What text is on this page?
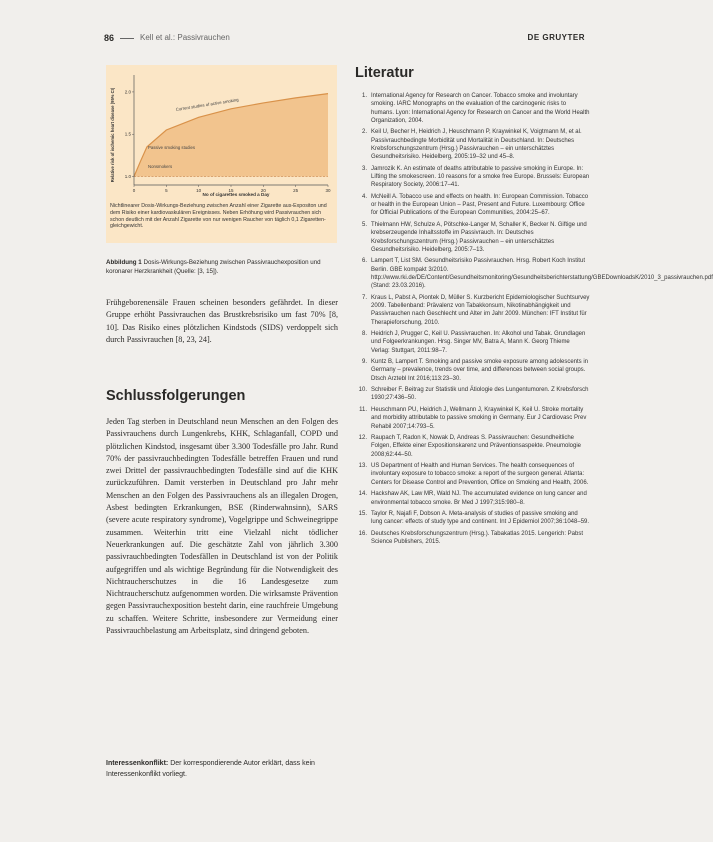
86	Kell et al.: Passivrauchen	DE GRUYTER
0	5	10	15	20	25	30
1.0
1.5
2.0
Relative risk of ischemic heart disease (95% CI)
No of cigarettes smoked a Day
Current studies of active smoking
Passive smoking studies
Nonsmokers
Nichtlinearer Dosis-Wirkungs-Beziehung zwischen Anzahl einer Zigarette aus-Expositon und dem Risiko einer kardiovaskulären Ereignisses. Neben Erhöhung wird Passivrauchen sich schon deutlich mit der Anzahl Zigarette von nur wenigen Raucher von täglich 0,1 Zigaretten-gleichgewicht.
Abbildung 1 Dosis-Wirkungs-Beziehung zwischen Passivrauchexposition und koronarer Herzkrankheit (Quelle: [3, 15]).
Frühgeborenensäle Frauen scheinen besonders gefährdet. In dieser Gruppe erhöht Passivrauchen das Brustkrebsrisiko um fast 70% [8, 10]. Das Risiko eines plötzlichen Kindstods (SIDS) verdoppelt sich durch Passivrauchen [8, 23, 24].
Schlussfolgerungen
Jeden Tag sterben in Deutschland neun Menschen an den Folgen des Passivrauchens durch Lungenkrebs, KHK, Schlaganfall, COPD und plötzlichen Kindstod, insgesamt über 3.300 Todesfälle pro Jahr. Rund 70% der passivrauchbedingten Todesfälle betreffen Frauen und rund zwei Drittel der passivrauchbedingten Todesfälle sind auf die KHK zurückzuführen. Damit versterben in Deutschland pro Jahr mehr Menschen an den Folgen des Passivrauchens als an illegalen Drogen, Asbest bedingten Erkrankungen, BSE (Rinderwahnsinn), SARS (severe acute respiratory syndrome), Vogelgrippe und Schweinegrippe zusammen. Weiterhin tritt eine Vielzahl nicht tödlicher Neuerkrankungen auf. Die geschätzte Zahl von jährlich 3.300 passivrauchbedingten Todesfällen in Deutschland ist von der Politik aufgegriffen und als wichtige Begründung für die Notwendigkeit des Nichtraucherschutzes in die 16 Landesgesetze zum Nichtraucherschutz aufgenommen worden. Die wirksamste Prävention gegen Passivrauchexposition besteht darin, eine rauchfreie Umgebung zu schaffen. Weitere Schritte, insbesondere zur Vermeidung einer Passivrauchbelastung am Arbeitsplatz, sind dringend geboten.
Interessenkonflikt: Der korrespondierende Autor erklärt, dass kein Interessenkonflikt vorliegt.
Literatur
1. International Agency for Research on Cancer. Tobacco smoke and involuntary smoking. IARC Monographs on the evaluation of the carcinogenic risks to humans. Lyon: International Agency for Research on Cancer and the World Health Organization, 2004.
2. Keil U, Becher H, Heidrich J, Heuschmann P, Kraywinkel K, Voigtmann M, et al. Passivrauchbedingte Morbidität und Mortalität in Deutschland. In: Deutsches Krebsforschungszentrum (Hrsg.) Passivrauchen – ein unterschätztes Gesundheitsrisiko. Heidelberg, 2005:19–32 und 45–8.
3. Jamrozik K. An estimate of deaths attributable to passive smoking in Europe. In: Lifting the smokescreen. 10 reasons for a smoke free Europe. Brussels: European Respiratory Society, 2006:17–41.
4. McNeill A. Tobacco use and effects on health. In: European Commission. Tobacco or health in the European Union – Past, Present and Future. Luxembourg: Office for Official Publications of the European Communities, 2004:25–67.
5. Thielmann HW, Schulze A, Pötschke-Langer M, Schaller K, Becker N. Giftige und krebserzeugende Inhaltsstoffe im Passivrauch. In: Deutsches Krebsforschungszentrum (Hrsg.) Passivrauchen – ein unterschätztes Gesundheitsrisiko. Heidelberg, 2005:7–13.
6. Lampert T, List SM. Gesundheitsrisiko Passivrauchen. Hrsg. Robert Koch Institut Berlin. GBE kompakt 3/2010. http://www.rki.de/DE/Content/Gesundheitsmonitoring/Gesundheitsberichterstattung/GBEDownloadsK/2010_3_passivrauchen.pdf (Stand: 23.03.2016).
7. Kraus L, Pabst A, Piontek D, Müller S. Kurzbericht Epidemiologischer Suchtsurvey 2009. Tabellenband: Prävalenz von Tabakkonsum, Nikotinabhängigkeit und Passivrauchen nach Geschlecht und Alter im Jahr 2009. München: IFT Institut für Therapieforschung, 2010.
8. Heidrich J, Prugger C, Keil U. Passivrauchen. In: Alkohol und Tabak. Grundlagen und Folgeerkrankungen. Hrsg. Singer MV, Batra A, Mann K. Georg Thieme Verlag: Stuttgart, 2011:98–7.
9. Kuntz B, Lampert T. Smoking and passive smoke exposure among adolescents in Germany – prevalence, trends over time, and differences between social groups. Dtsch Arztebl Int 2016;113:23–30.
10. Schreiber F. Beitrag zur Statistik und Ätiologie des Lungentumoren. Z Krebsforsch 1930;27:436–50.
11. Heuschmann PU, Heidrich J, Wellmann J, Kraywinkel K, Keil U. Stroke mortality and morbidity attributable to passive smoking in Germany. Eur J Cardiovasc Prev Rehabil 2007;14:793–5.
12. Raupach T, Radon K, Nowak D, Andreas S. Passivrauchen: Gesundheitliche Folgen, Effekte einer Expositionskarenz und Präventionsaspekte. Pneumologie 2008;62:44–50.
13. US Department of Health and Human Services. The health consequences of involuntary exposure to tobacco smoke: a report of the surgeon general. Atlanta: Centers for Disease Control and Prevention, Office on Smoking and Health, 2006.
14. Hackshaw AK, Law MR, Wald NJ. The accumulated evidence on lung cancer and environmental tobacco smoke. Br Med J 1997;315:980–8.
15. Taylor R, Najafi F, Dobson A. Meta-analysis of studies of passive smoking and lung cancer: effects of study type and continent. Int J Epidemiol 2007;36:1048–59.
16. Deutsches Krebsforschungszentrum (Hrsg.). Tabakatlas 2015. Lengerich: Pabst Science Publishers, 2015.
